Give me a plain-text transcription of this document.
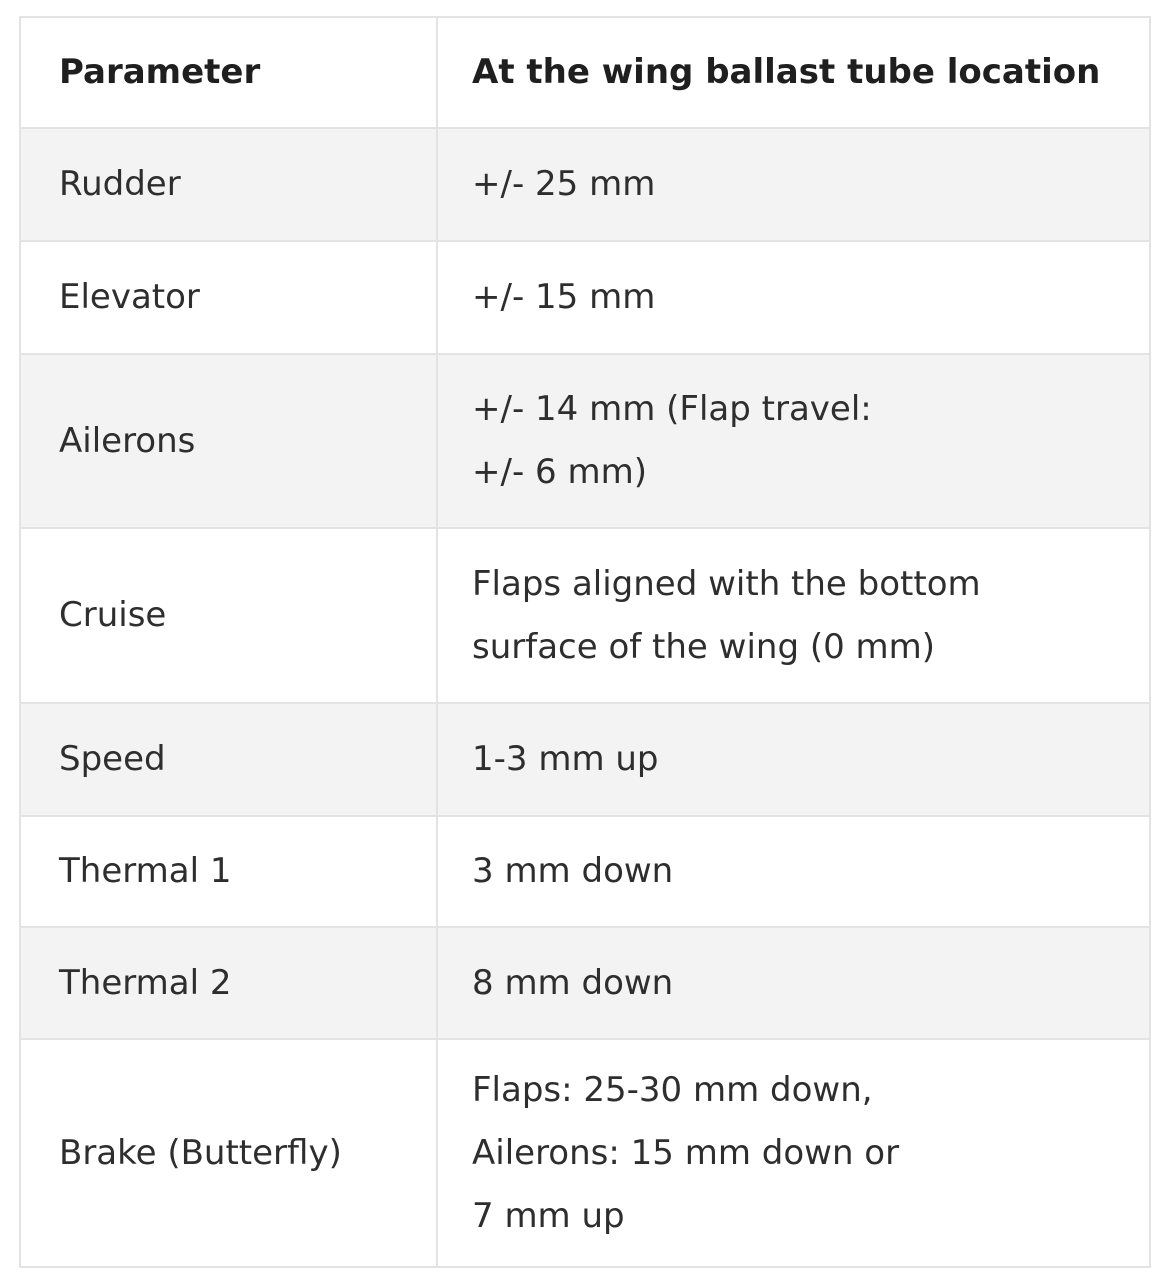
Parameter	At the wing ballast tube location
Rudder	+/- 25 mm
Elevator	+/- 15 mm
Ailerons	+/- 14 mm (Flap travel:
+/- 6 mm)
Cruise	Flaps aligned with the bottom
surface of the wing (0 mm)
Speed	1-3 mm up
Thermal 1	3 mm down
Thermal 2	8 mm down
Brake (Butterfly)	Flaps: 25-30 mm down,
Ailerons: 15 mm down or
7 mm up
